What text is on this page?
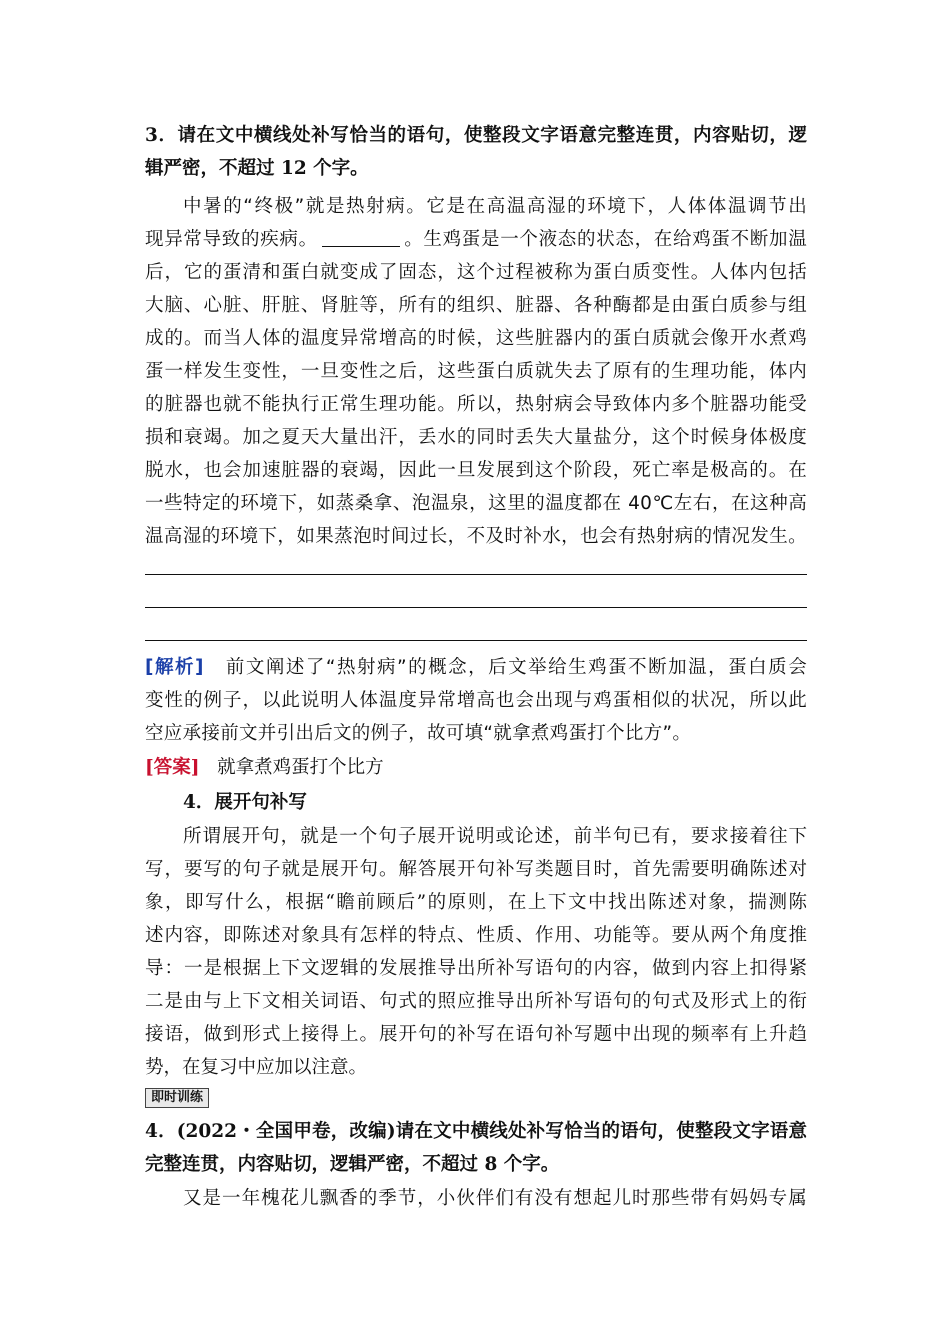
3．请在文中横线处补写恰当的语句，使整段文字语意完整连贯，内容贴切，逻
辑严密，不超过 12 个字。
中暑的“终极”就是热射病。它是在高温高湿的环境下，人体体温调节出
现异常导致的疾病。	。生鸡蛋是一个液态的状态，在给鸡蛋不断加温
后，它的蛋清和蛋白就变成了固态，这个过程被称为蛋白质变性。人体内包括
大脑、心脏、肝脏、肾脏等，所有的组织、脏器、各种酶都是由蛋白质参与组
成的。而当人体的温度异常增高的时候，这些脏器内的蛋白质就会像开水煮鸡
蛋一样发生变性，一旦变性之后，这些蛋白质就失去了原有的生理功能，体内
的脏器也就不能执行正常生理功能。所以，热射病会导致体内多个脏器功能受
损和衰竭。加之夏天大量出汗，丢水的同时丢失大量盐分，这个时候身体极度
脱水，也会加速脏器的衰竭，因此一旦发展到这个阶段，死亡率是极高的。在
一些特定的环境下，如蒸桑拿、泡温泉，这里的温度都在 40℃左右，在这种高
温高湿的环境下，如果蒸泡时间过长，不及时补水，也会有热射病的情况发生。
[解析] 前文阐述了“热射病”的概念，后文举给生鸡蛋不断加温，蛋白质会
变性的例子，以此说明人体温度异常增高也会出现与鸡蛋相似的状况，所以此
空应承接前文并引出后文的例子，故可填“就拿煮鸡蛋打个比方”。
[答案] 就拿煮鸡蛋打个比方
4．展开句补写
所谓展开句，就是一个句子展开说明或论述，前半句已有，要求接着往下
写，要写的句子就是展开句。解答展开句补写类题目时，首先需要明确陈述对
象，即写什么，根据“瞻前顾后”的原则，在上下文中找出陈述对象，揣测陈
述内容，即陈述对象具有怎样的特点、性质、作用、功能等。要从两个角度推
导：一是根据上下文逻辑的发展推导出所补写语句的内容，做到内容上扣得紧
二是由与上下文相关词语、句式的照应推导出所补写语句的句式及形式上的衔
接语，做到形式上接得上。展开句的补写在语句补写题中出现的频率有上升趋
势，在复习中应加以注意。
即时训练
4．(2022・全国甲卷，改编)请在文中横线处补写恰当的语句，使整段文字语意
完整连贯，内容贴切，逻辑严密，不超过 8 个字。
又是一年槐花儿飘香的季节，小伙伴们有没有想起儿时那些带有妈妈专属
